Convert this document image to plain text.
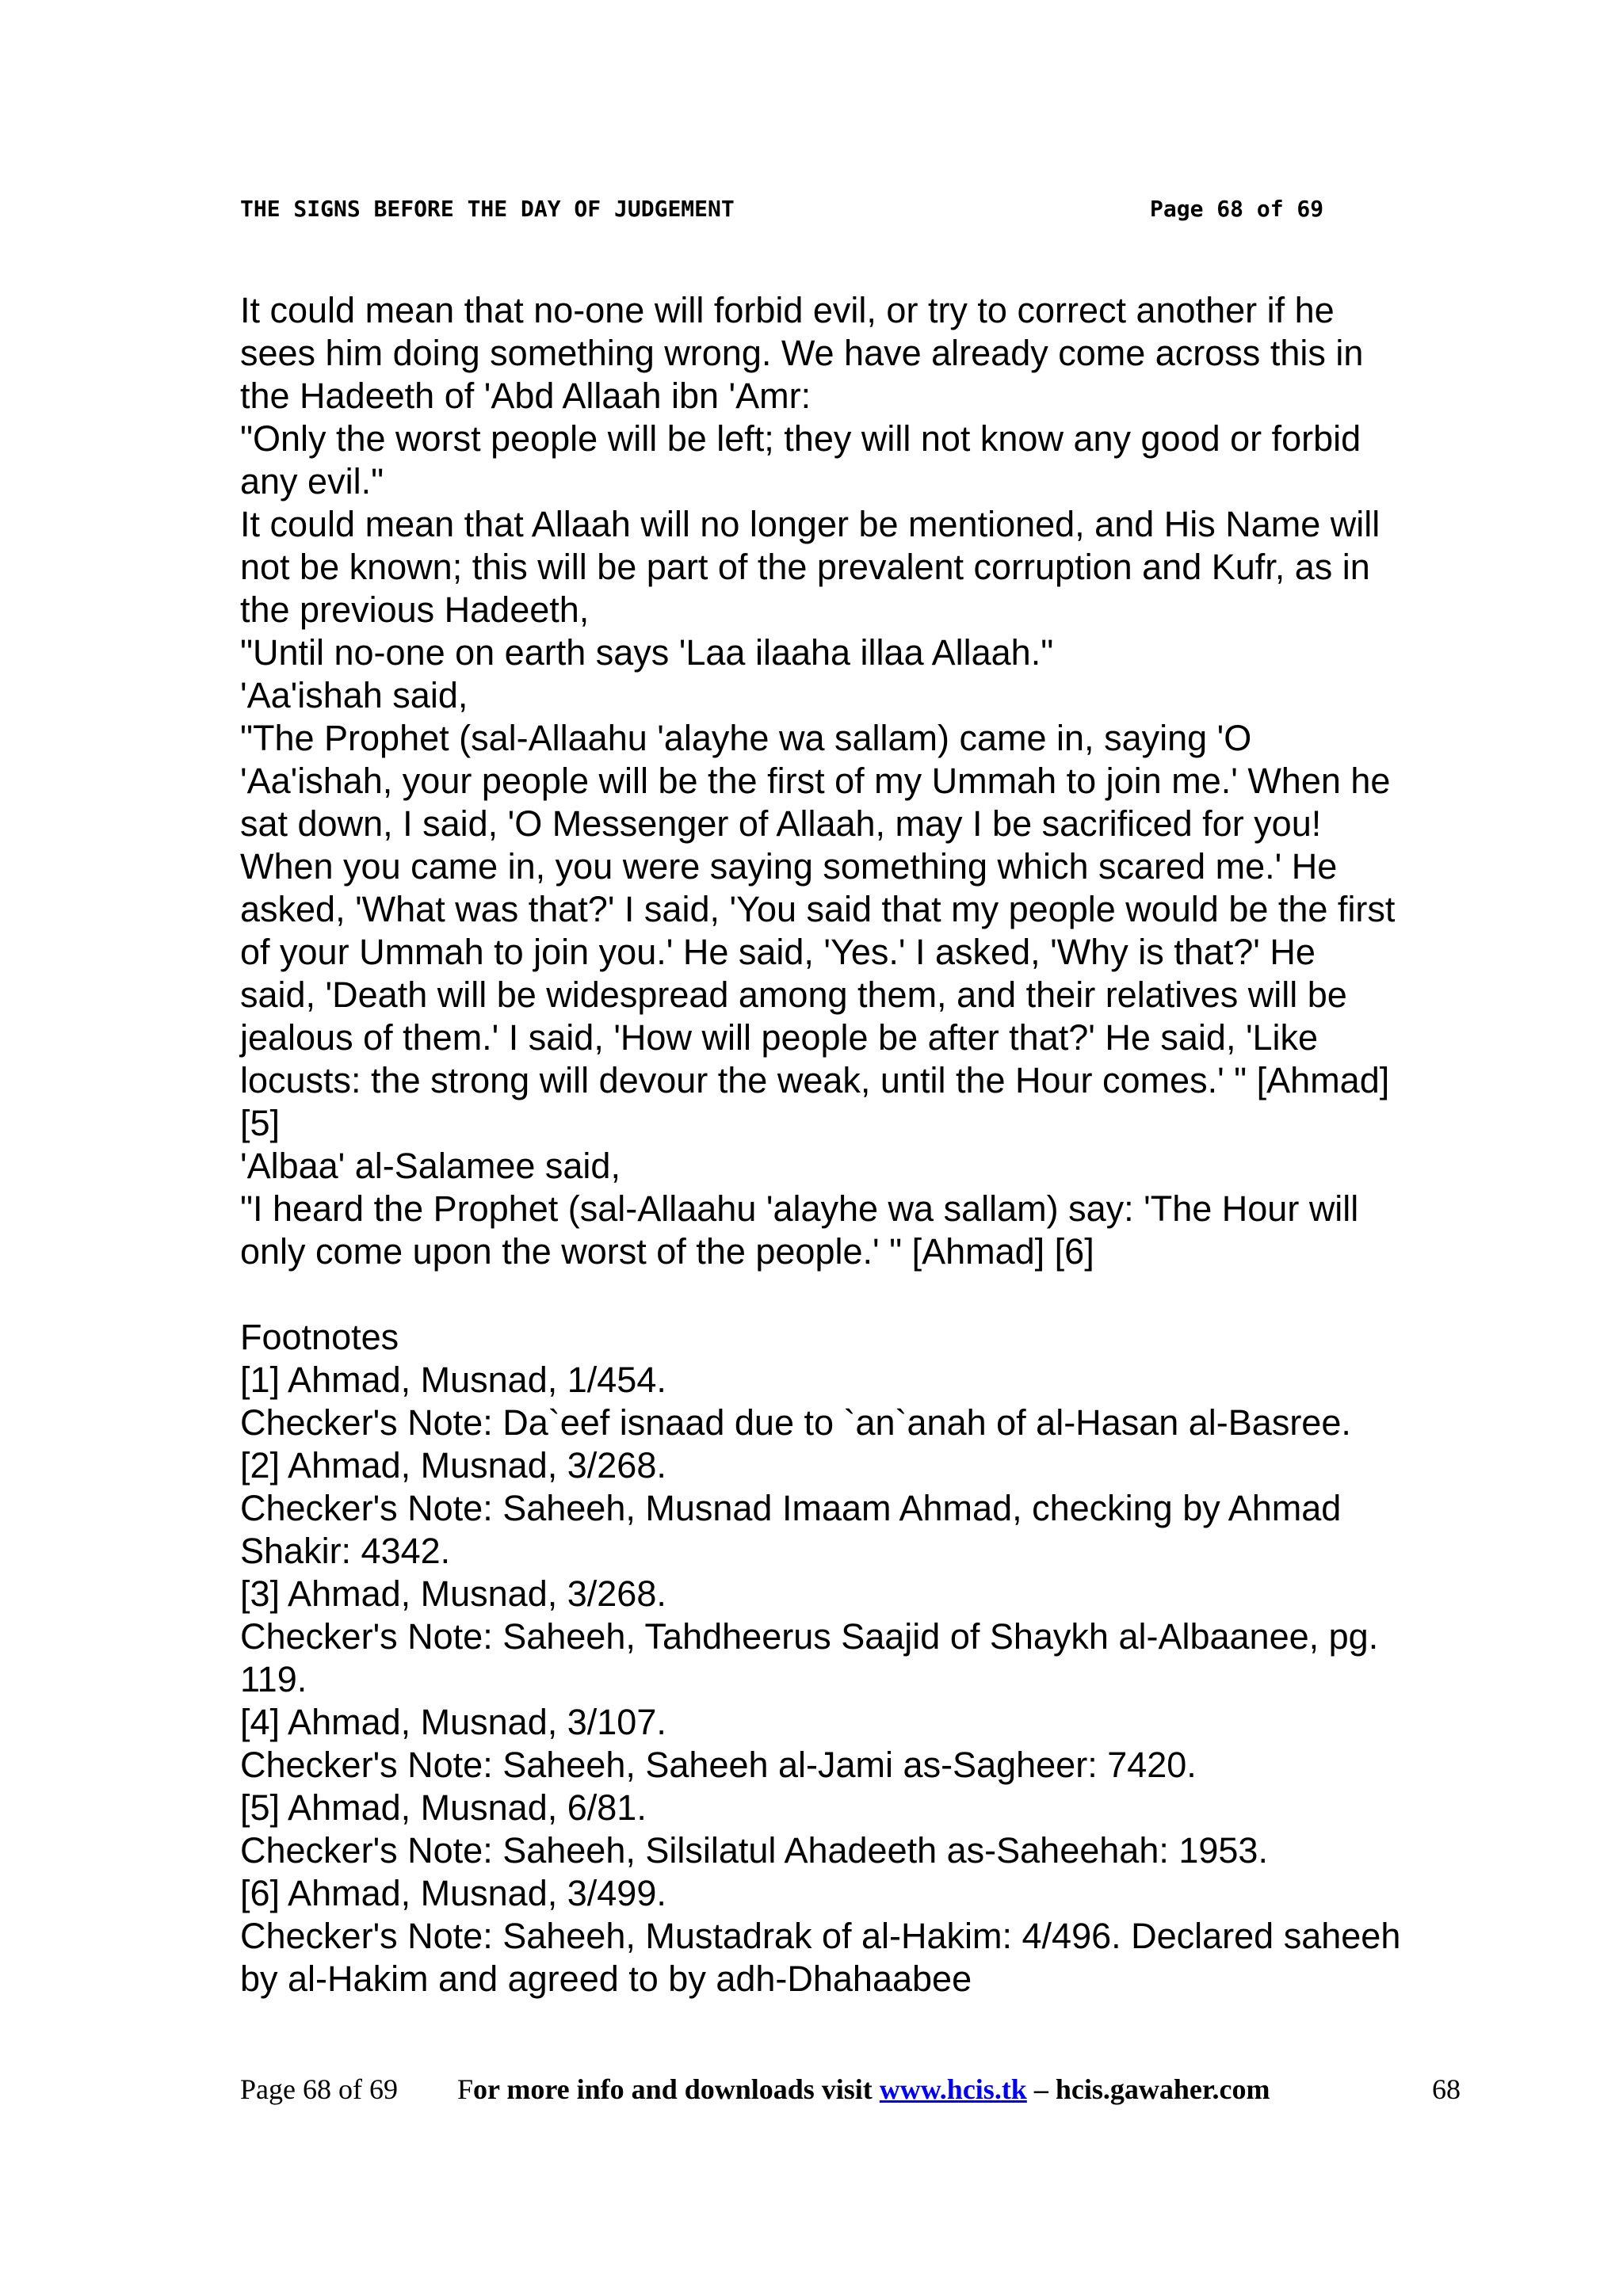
THE SIGNS BEFORE THE DAY OF JUDGEMENT	Page 68 of 69
It could mean that no-one will forbid evil, or try to correct another if he
sees him doing something wrong. We have already come across this in
the Hadeeth of 'Abd Allaah ibn 'Amr:
"Only the worst people will be left; they will not know any good or forbid
any evil."
It could mean that Allaah will no longer be mentioned, and His Name will
not be known; this will be part of the prevalent corruption and Kufr, as in
the previous Hadeeth,
"Until no-one on earth says 'Laa ilaaha illaa Allaah."
'Aa'ishah said,
"The Prophet (sal-Allaahu 'alayhe wa sallam) came in, saying 'O
'Aa'ishah, your people will be the first of my Ummah to join me.' When he
sat down, I said, 'O Messenger of Allaah, may I be sacrificed for you!
When you came in, you were saying something which scared me.' He
asked, 'What was that?' I said, 'You said that my people would be the first
of your Ummah to join you.' He said, 'Yes.' I asked, 'Why is that?' He
said, 'Death will be widespread among them, and their relatives will be
jealous of them.' I said, 'How will people be after that?' He said, 'Like
locusts: the strong will devour the weak, until the Hour comes.' " [Ahmad]
[5]
'Albaa' al-Salamee said,
"I heard the Prophet (sal-Allaahu 'alayhe wa sallam) say: 'The Hour will
only come upon the worst of the people.' " [Ahmad] [6]
Footnotes
[1] Ahmad, Musnad, 1/454.
Checker's Note: Da`eef isnaad due to `an`anah of al-Hasan al-Basree.
[2] Ahmad, Musnad, 3/268.
Checker's Note: Saheeh, Musnad Imaam Ahmad, checking by Ahmad
Shakir: 4342.
[3] Ahmad, Musnad, 3/268.
Checker's Note: Saheeh, Tahdheerus Saajid of Shaykh al-Albaanee, pg.
119.
[4] Ahmad, Musnad, 3/107.
Checker's Note: Saheeh, Saheeh al-Jami as-Sagheer: 7420.
[5] Ahmad, Musnad, 6/81.
Checker's Note: Saheeh, Silsilatul Ahadeeth as-Saheehah: 1953.
[6] Ahmad, Musnad, 3/499.
Checker's Note: Saheeh, Mustadrak of al-Hakim: 4/496. Declared saheeh
by al-Hakim and agreed to by adh-Dhahaabee
Page 68 of 69 For more info and downloads visit www.hcis.tk – hcis.gawaher.com	68
